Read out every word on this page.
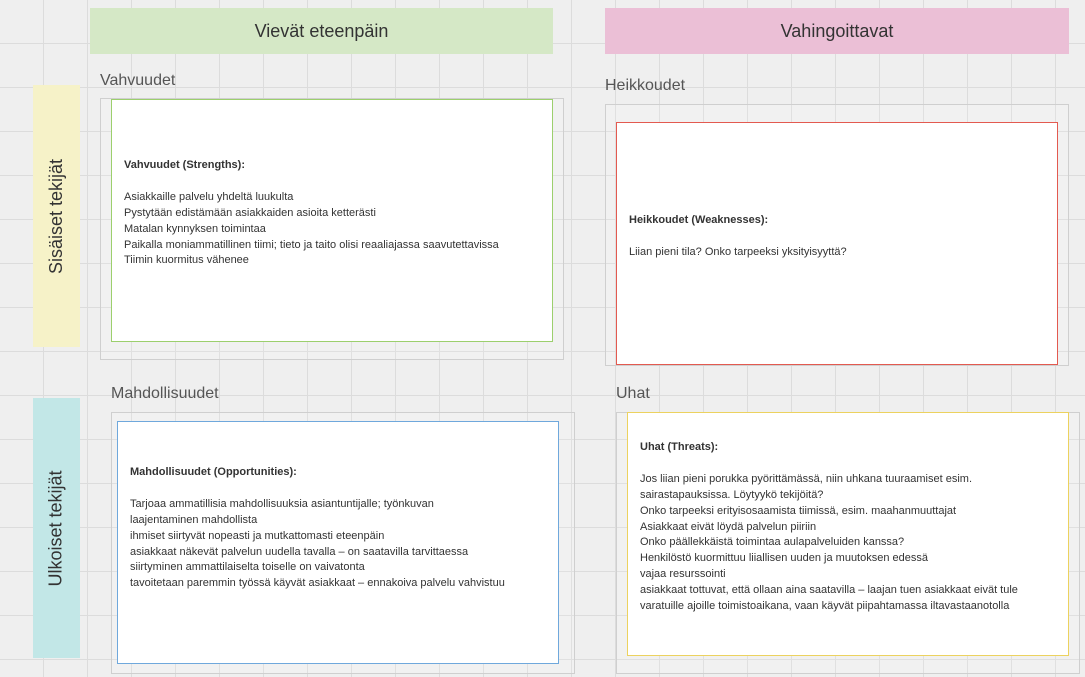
Vievät eteenpäin	Vahingoittavat
Sisäiset tekijät
Ulkoiset tekijät
Vahvuudet	Heikkoudet
Mahdollisuudet	Uhat
Vahvuudet (Strengths):
Asiakkaille palvelu yhdeltä luukulta
Pystytään edistämään asiakkaiden asioita ketterästi
Matalan kynnyksen toimintaa
Paikalla moniammatillinen tiimi; tieto ja taito olisi reaaliajassa saavutettavissa
Tiimin kuormitus vähenee
Heikkoudet (Weaknesses):
Liian pieni tila? Onko tarpeeksi yksityisyyttä?
Mahdollisuudet (Opportunities):
Tarjoaa ammatillisia mahdollisuuksia asiantuntijalle; työnkuvan
laajentaminen mahdollista
ihmiset siirtyvät nopeasti ja mutkattomasti eteenpäin
asiakkaat näkevät palvelun uudella tavalla – on saatavilla tarvittaessa
siirtyminen ammattilaiselta toiselle on vaivatonta
tavoitetaan paremmin työssä käyvät asiakkaat – ennakoiva palvelu vahvistuu
Uhat (Threats):
Jos liian pieni porukka pyörittämässä, niin uhkana tuuraamiset esim.
sairastapauksissa. Löytyykö tekijöitä?
Onko tarpeeksi erityisosaamista tiimissä, esim. maahanmuuttajat
Asiakkaat eivät löydä palvelun piiriin
Onko päällekkäistä toimintaa aulapalveluiden kanssa?
Henkilöstö kuormittuu liiallisen uuden ja muutoksen edessä
vajaa resurssointi
asiakkaat tottuvat, että ollaan aina saatavilla – laajan tuen asiakkaat eivät tule
varatuille ajoille toimistoaikana, vaan käyvät piipahtamassa iltavastaanotolla
